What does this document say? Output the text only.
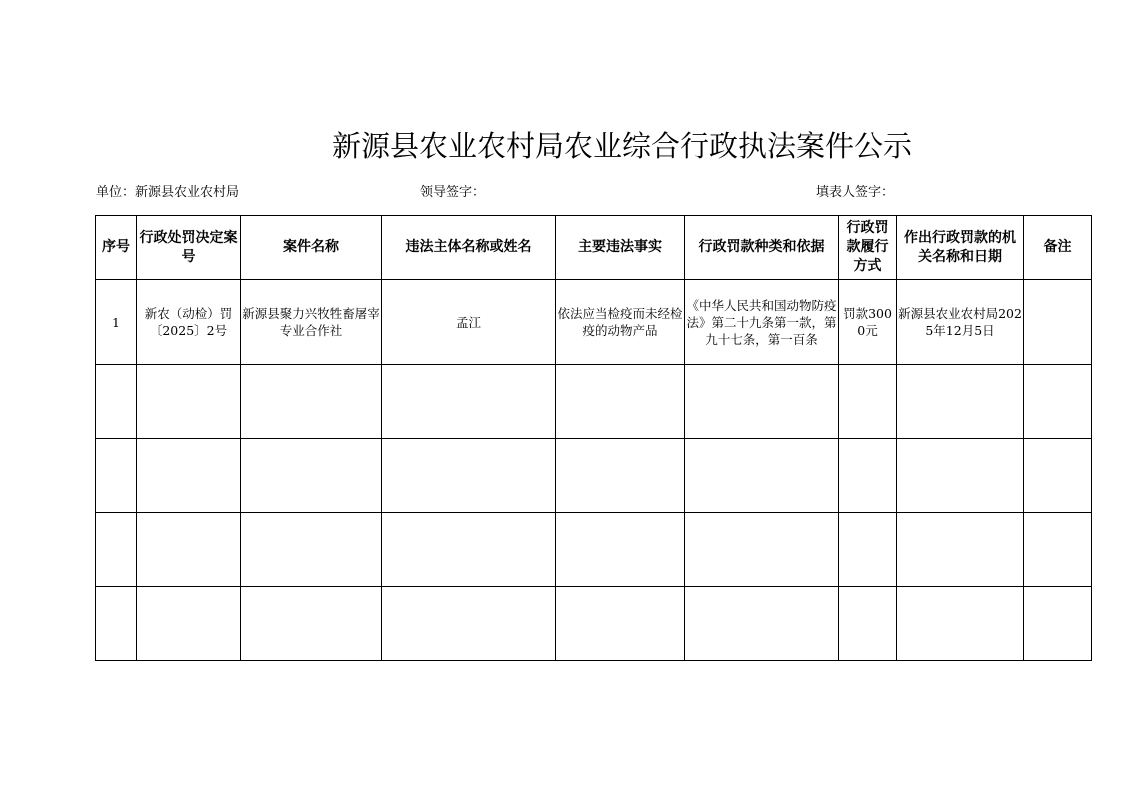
新源县农业农村局农业综合行政执法案件公示
单位：新源县农业农村局	领导签字：	填表人签字：
序号	行政处罚决定案号	案件名称	违法主体名称或姓名	主要违法事实	行政罚款种类和依据	行政罚款履行方式	作出行政罚款的机关名称和日期	备注
1	新农（动检）罚〔2025〕2号	新源县聚力兴牧牲畜屠宰专业合作社	孟江	依法应当检疫而未经检疫的动物产品	《中华人民共和国动物防疫法》第二十九条第一款，第九十七条，第一百条	罚款3000元	新源县农业农村局2025年12月5日	
